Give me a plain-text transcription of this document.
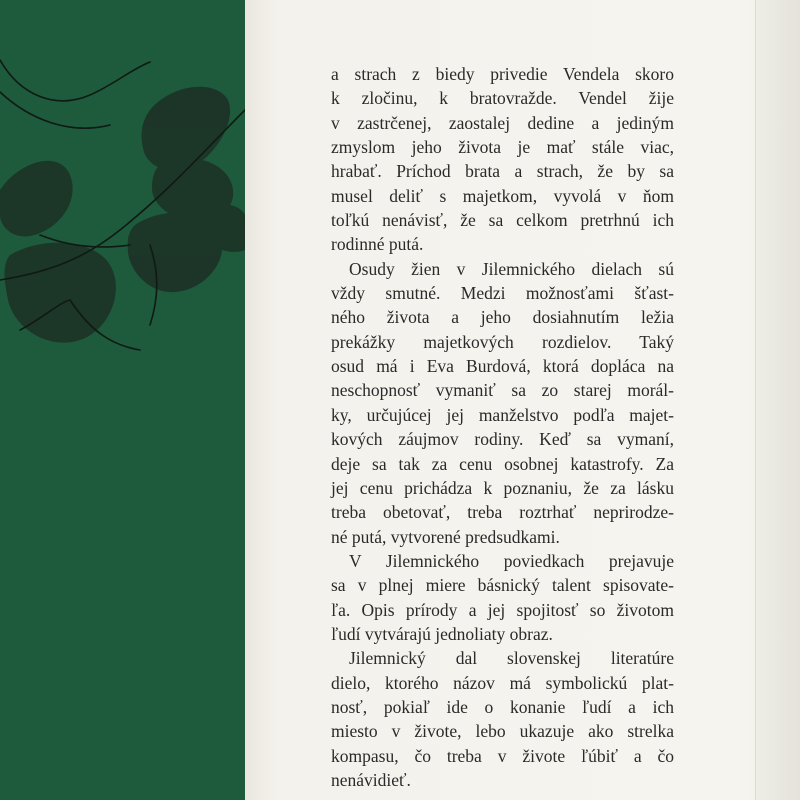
a strach z biedy privedie Vendela skoro
k zločinu, k bratovražde. Vendel žije
v zastrčenej, zaostalej dedine a jediným
zmyslom jeho života je mať stále viac,
hrabať. Príchod brata a strach, že by sa
musel deliť s majetkom, vyvolá v ňom
toľkú nenávisť, že sa celkom pretrhnú ich
rodinné putá.

Osudy žien v Jilemnického dielach sú
vždy smutné. Medzi možnosťami šťast-
ného života a jeho dosiahnutím ležia
prekážky majetkových rozdielov. Taký
osud má i Eva Burdová, ktorá dopláca na
neschopnosť vymaniť sa zo starej morál-
ky, určujúcej jej manželstvo podľa majet-
kových záujmov rodiny. Keď sa vymaní,
deje sa tak za cenu osobnej katastrofy. Za
jej cenu prichádza k poznaniu, že za lásku
treba obetovať, treba roztrhať neprirodze-
né putá, vytvorené predsudkami.

V Jilemnického poviedkach prejavuje
sa v plnej miere básnický talent spisovate-
ľa. Opis prírody a jej spojitosť so životom
ľudí vytvárajú jednoliaty obraz.

Jilemnický dal slovenskej literatúre
dielo, ktorého názov má symbolickú plat-
nosť, pokiaľ ide o konanie ľudí a ich
miesto v živote, lebo ukazuje ako strelka
kompasu, čo treba v živote ľúbiť a čo
nenávidieť.
